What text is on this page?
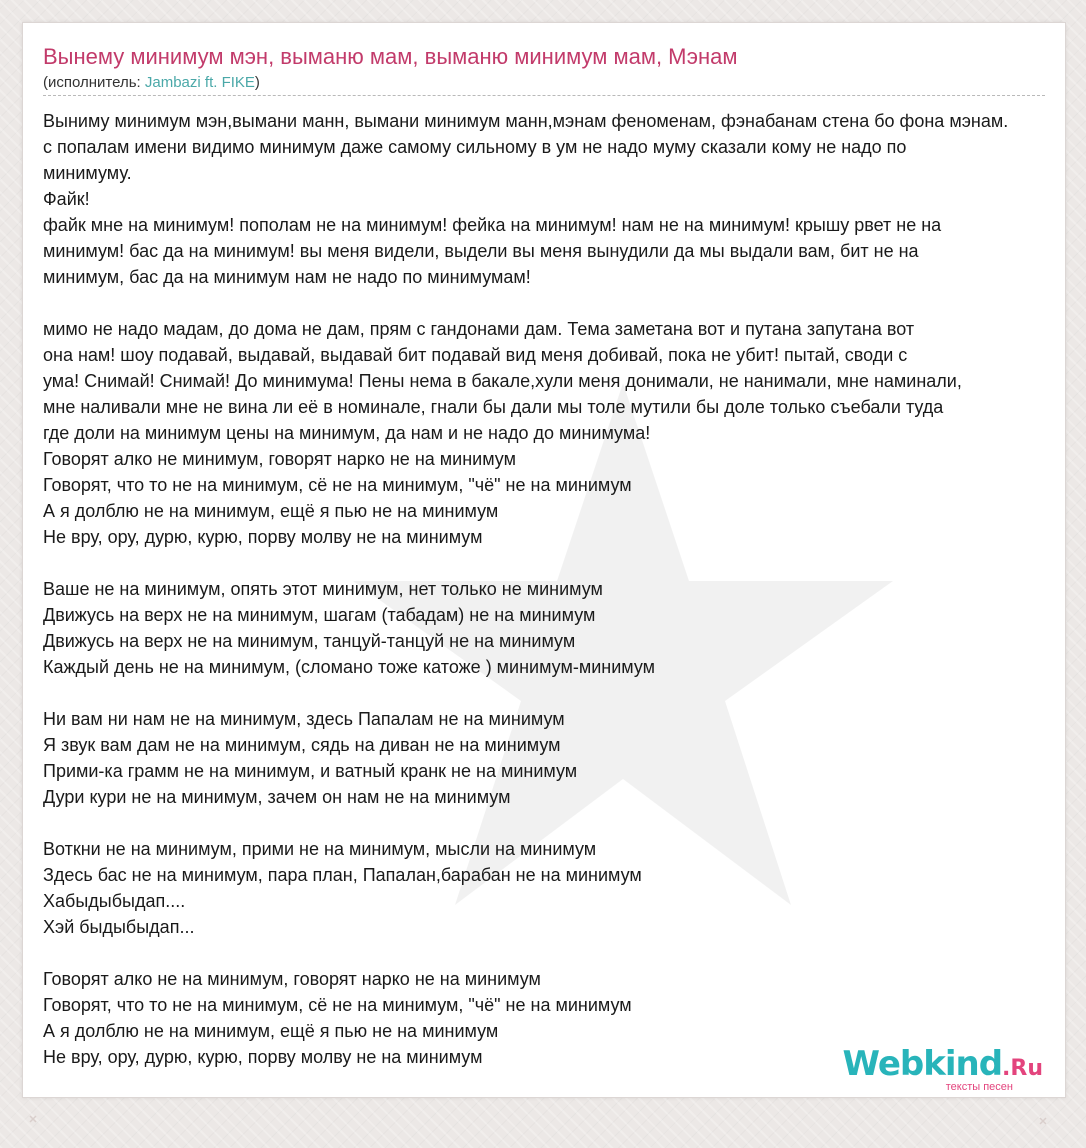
Вынему минимум мэн, выманю мам, выманю минимум мам, Мэнам
(исполнитель: Jambazi ft. FIKE)
Выниму минимум мэн,вымани манн, вымани минимум манн,мэнам феноменам, фэнабанам стена бо фона мэнам.
с попалам имени видимо минимум даже самому сильному в ум не надо муму сказали кому не надо по
минимуму.
Файк!
файк мне на минимум! пополам не на минимум! фейка на минимум! нам не на минимум! крышу рвет не на
минимум! бас да на минимум! вы меня видели, выдели вы меня вынудили да мы выдали вам, бит не на
минимум, бас да на минимум нам не надо по минимумам!

мимо не надо мадам, до дома не дам, прям с гандонами дам. Тема заметана вот и путана запутана вот
она нам! шоу подавай, выдавай, выдавай бит подавай вид меня добивай, пока не убит! пытай, своди с
ума! Снимай! Снимай! До минимума! Пены нема в бакале,хули меня донимали, не нанимали, мне наминали,
мне наливали мне не вина ли её в номинале, гнали бы дали мы толе мутили бы доле только съебали туда
где доли на минимум цены на минимум, да нам и не надо до минимума!
Говорят алко не минимум, говорят нарко не на минимум
Говорят, что то не на минимум, сё не на минимум, "чё" не на минимум
А я долблю не на минимум, ещё я пью не на минимум
Не вру, ору, дурю, курю, порву молву не на минимум

Ваше не на минимум, опять этот минимум, нет только не минимум
Движусь на верх не на минимум, шагам (табадам) не на минимум
Движусь на верх не на минимум, танцуй-танцуй не на минимум
Каждый день не на минимум, (сломано тоже катоже ) минимум-минимум

Ни вам ни нам не на минимум, здесь Папалам не на минимум
Я звук вам дам не на минимум, сядь на диван не на минимум
Прими-ка грамм не на минимум, и ватный кранк не на минимум
Дури кури не на минимум, зачем он нам не на минимум

Воткни не на минимум, прими не на минимум, мысли на минимум
Здесь бас не на минимум, пара план, Папалан,барабан не на минимум
Хабыдыбыдап....
Хэй быдыбыдап...

Говорят алко не на минимум, говорят нарко не на минимум
Говорят, что то не на минимум, сё не на минимум, "чё" не на минимум
А я долблю не на минимум, ещё я пью не на минимум
Не вру, ору, дурю, курю, порву молву не на минимум	Webkind.Ru
тексты песен
